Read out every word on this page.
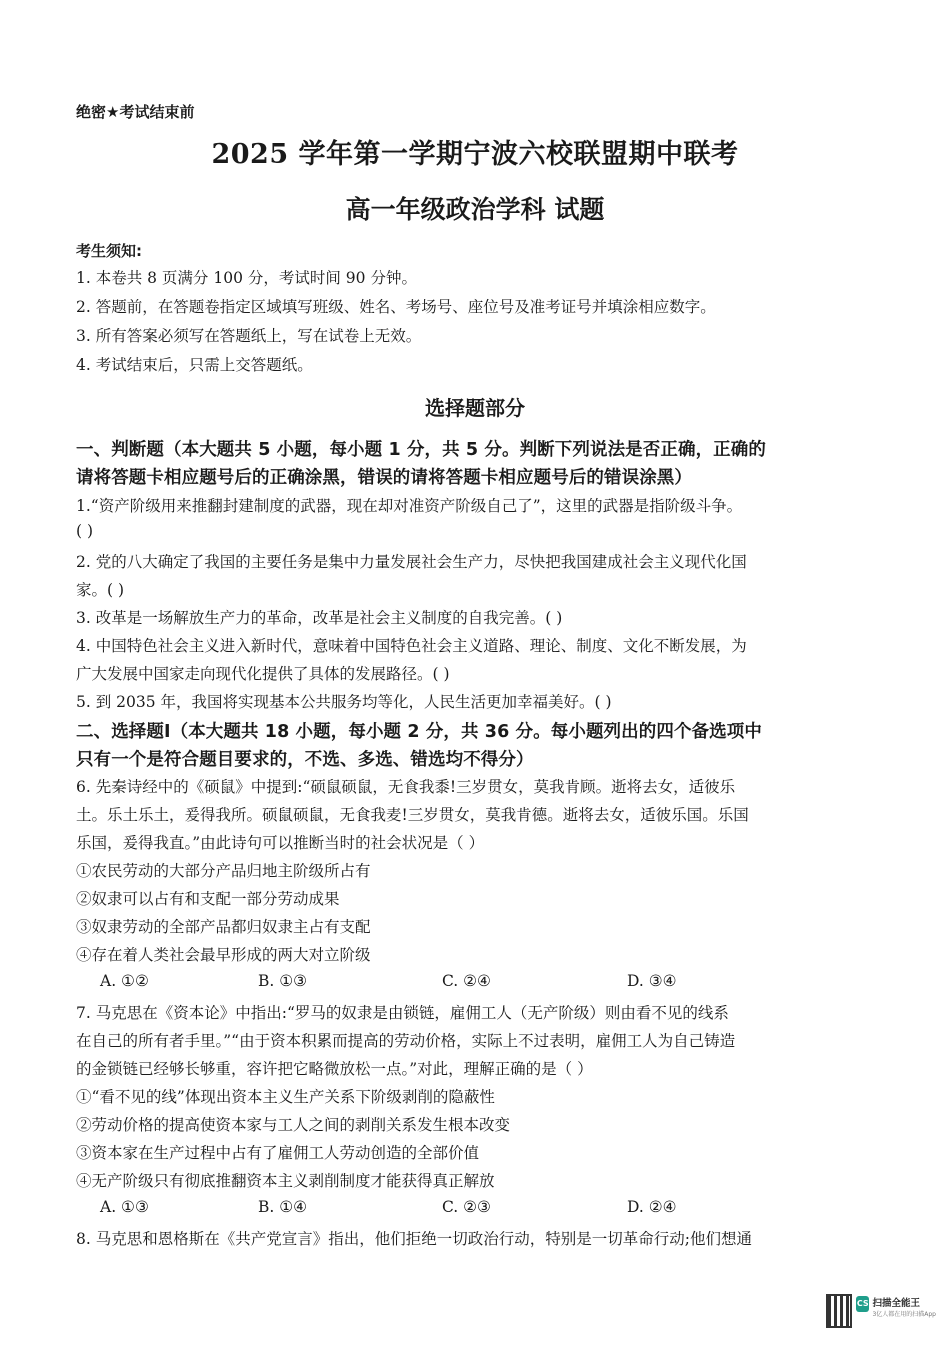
绝密★考试结束前
2025 学年第一学期宁波六校联盟期中联考
高一年级政治学科 试题
考生须知:
1. 本卷共 8 页满分 100 分，考试时间 90 分钟。
2. 答题前，在答题卷指定区域填写班级、姓名、考场号、座位号及准考证号并填涂相应数字。
3. 所有答案必须写在答题纸上，写在试卷上无效。
4. 考试结束后，只需上交答题纸。
选择题部分
一、判断题（本大题共 5 小题，每小题 1 分，共 5 分。判断下列说法是否正确，正确的
请将答题卡相应题号后的正确涂黑，错误的请将答题卡相应题号后的错误涂黑）
1.“资产阶级用来推翻封建制度的武器，现在却对准资产阶级自己了”，这里的武器是指阶级斗争。
( )
2. 党的八大确定了我国的主要任务是集中力量发展社会生产力，尽快把我国建成社会主义现代化国
家。( )
3. 改革是一场解放生产力的革命，改革是社会主义制度的自我完善。( )
4. 中国特色社会主义进入新时代，意味着中国特色社会主义道路、理论、制度、文化不断发展，为
广大发展中国家走向现代化提供了具体的发展路径。( )
5. 到 2035 年，我国将实现基本公共服务均等化，人民生活更加幸福美好。( )
二、选择题Ⅰ（本大题共 18 小题，每小题 2 分，共 36 分。每小题列出的四个备选项中
只有一个是符合题目要求的，不选、多选、错选均不得分）
6. 先秦诗经中的《硕鼠》中提到:“硕鼠硕鼠，无食我黍!三岁贯女，莫我肯顾。逝将去女，适彼乐
土。乐土乐土，爰得我所。硕鼠硕鼠，无食我麦!三岁贯女，莫我肯德。逝将去女，适彼乐国。乐国
乐国，爰得我直。”由此诗句可以推断当时的社会状况是（ ）
①农民劳动的大部分产品归地主阶级所占有
②奴隶可以占有和支配一部分劳动成果
③奴隶劳动的全部产品都归奴隶主占有支配
④存在着人类社会最早形成的两大对立阶级
A. ①②	B. ①③	C. ②④	D. ③④
7. 马克思在《资本论》中指出:“罗马的奴隶是由锁链，雇佣工人（无产阶级）则由看不见的线系
在自己的所有者手里。”“由于资本积累而提高的劳动价格，实际上不过表明，雇佣工人为自己铸造
的金锁链已经够长够重，容许把它略微放松一点。”对此，理解正确的是（ ）
①“看不见的线”体现出资本主义生产关系下阶级剥削的隐蔽性
②劳动价格的提高使资本家与工人之间的剥削关系发生根本改变
③资本家在生产过程中占有了雇佣工人劳动创造的全部价值
④无产阶级只有彻底推翻资本主义剥削制度才能获得真正解放
A. ①③	B. ①④	C. ②③	D. ②④
8. 马克思和恩格斯在《共产党宣言》指出，他们拒绝一切政治行动，特别是一切革命行动;他们想通
CS 扫描全能王
3亿人都在用的扫描App
